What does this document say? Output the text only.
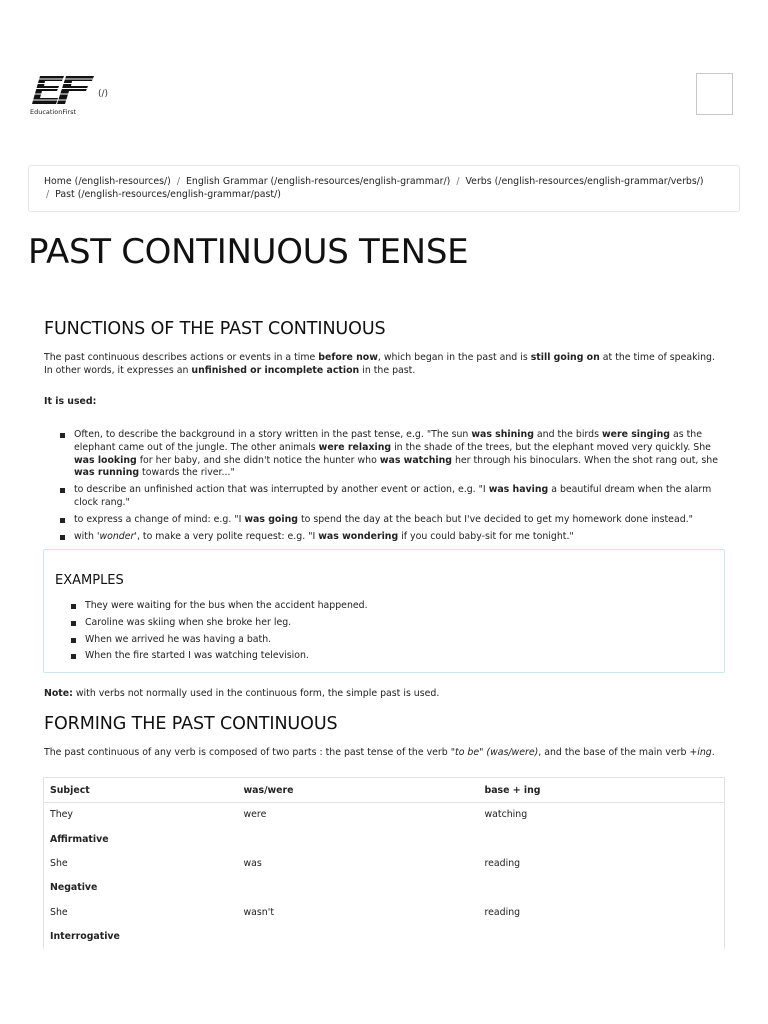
EducationFirst
(/)
Home (/english-resources/) / English Grammar (/english-resources/english-grammar/) / Verbs (/english-resources/english-grammar/verbs/)
/ Past (/english-resources/english-grammar/past/)
PAST CONTINUOUS TENSE
FUNCTIONS OF THE PAST CONTINUOUS

The past continuous describes actions or events in a time before now, which began in the past and is still going on at the time of speaking. In other words, it expresses an unfinished or incomplete action in the past.

It is used:

Often, to describe the background in a story written in the past tense, e.g. "The sun was shining and the birds were singing as the elephant came out of the jungle. The other animals were relaxing in the shade of the trees, but the elephant moved very quickly. She was looking for her baby, and she didn't notice the hunter who was watching her through his binoculars. When the shot rang out, she was running towards the river..."
to describe an unfinished action that was interrupted by another event or action, e.g. "I was having a beautiful dream when the alarm clock rang."
to express a change of mind: e.g. "I was going to spend the day at the beach but I've decided to get my homework done instead."
with 'wonder', to make a very polite request: e.g. "I was wondering if you could baby-sit for me tonight."
EXAMPLES
They were waiting for the bus when the accident happened.
Caroline was skiing when she broke her leg.
When we arrived he was having a bath.
When the fire started I was watching television.

Note: with verbs not normally used in the continuous form, the simple past is used.

FORMING THE PAST CONTINUOUS

The past continuous of any verb is composed of two parts : the past tense of the verb "to be" (was/were), and the base of the main verb +ing.

Subject	was/were	base + ing
They	were	watching
Affirmative		
She	was	reading
Negative		
She	wasn't	reading
Interrogative		
